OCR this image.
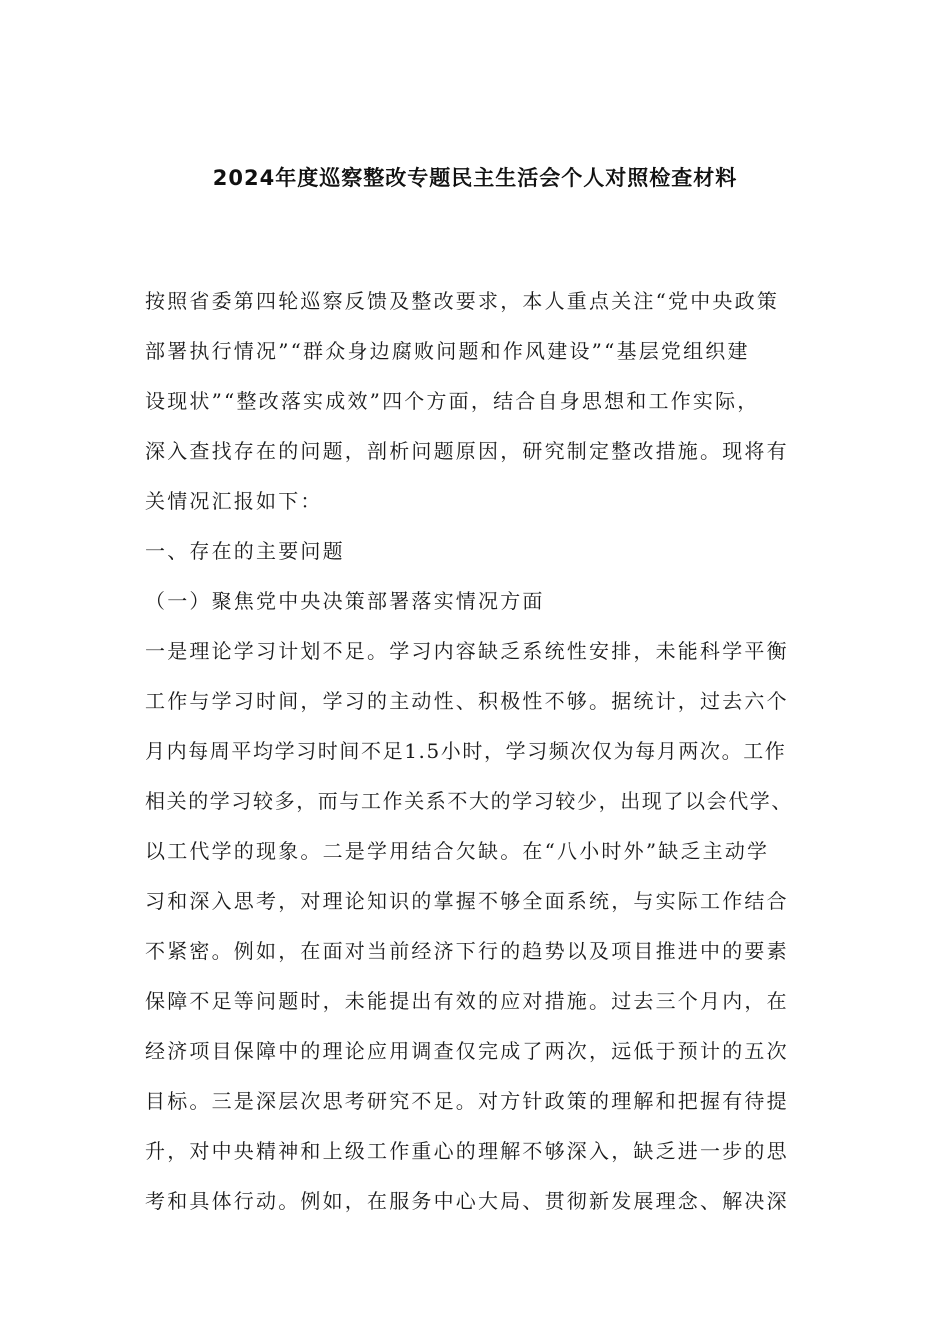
2024年度巡察整改专题民主生活会个人对照检查材料
按照省委第四轮巡察反馈及整改要求，本人重点关注“党中央政策
部署执行情况”“群众身边腐败问题和作风建设”“基层党组织建
设现状”“整改落实成效”四个方面，结合自身思想和工作实际，
深入查找存在的问题，剖析问题原因，研究制定整改措施。现将有
关情况汇报如下：
一、存在的主要问题
（一）聚焦党中央决策部署落实情况方面
一是理论学习计划不足。学习内容缺乏系统性安排，未能科学平衡
工作与学习时间，学习的主动性、积极性不够。据统计，过去六个
月内每周平均学习时间不足1.5小时，学习频次仅为每月两次。工作
相关的学习较多，而与工作关系不大的学习较少，出现了以会代学、
以工代学的现象。二是学用结合欠缺。在“八小时外”缺乏主动学
习和深入思考，对理论知识的掌握不够全面系统，与实际工作结合
不紧密。例如，在面对当前经济下行的趋势以及项目推进中的要素
保障不足等问题时，未能提出有效的应对措施。过去三个月内，在
经济项目保障中的理论应用调查仅完成了两次，远低于预计的五次
目标。三是深层次思考研究不足。对方针政策的理解和把握有待提
升，对中央精神和上级工作重心的理解不够深入，缺乏进一步的思
考和具体行动。例如，在服务中心大局、贯彻新发展理念、解决深
